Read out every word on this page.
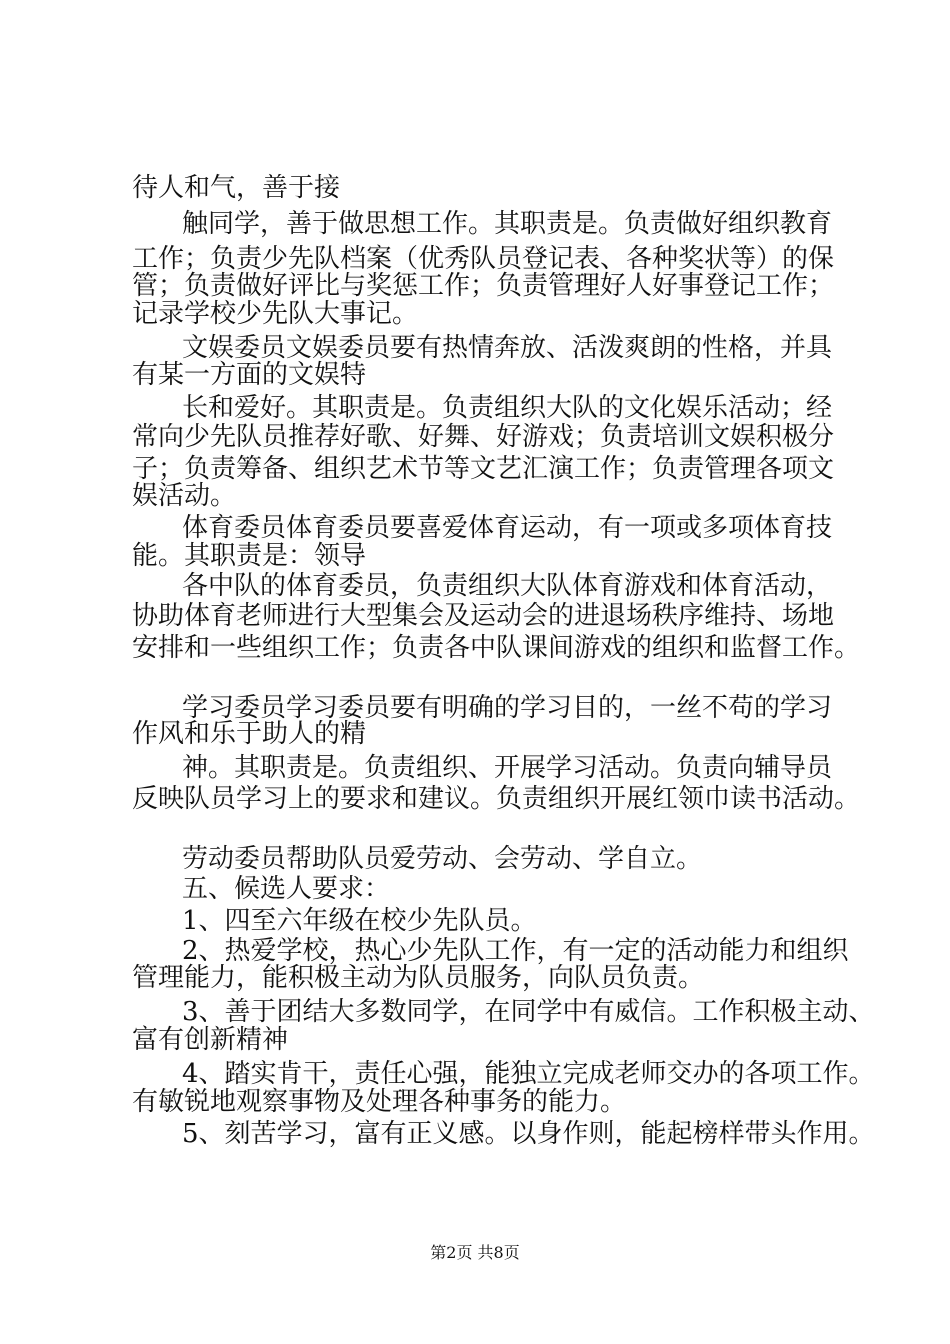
待人和气，善于接
触同学，善于做思想工作。其职责是。负责做好组织教育
工作；负责少先队档案（优秀队员登记表、各种奖状等）的保
管；负责做好评比与奖惩工作；负责管理好人好事登记工作；
记录学校少先队大事记。
文娱委员文娱委员要有热情奔放、活泼爽朗的性格，并具
有某一方面的文娱特
长和爱好。其职责是。负责组织大队的文化娱乐活动；经
常向少先队员推荐好歌、好舞、好游戏；负责培训文娱积极分
子；负责筹备、组织艺术节等文艺汇演工作；负责管理各项文
娱活动。
体育委员体育委员要喜爱体育运动，有一项或多项体育技
能。其职责是：领导
各中队的体育委员，负责组织大队体育游戏和体育活动，
协助体育老师进行大型集会及运动会的进退场秩序维持、场地
安排和一些组织工作；负责各中队课间游戏的组织和监督工作。
学习委员学习委员要有明确的学习目的，一丝不苟的学习
作风和乐于助人的精
神。其职责是。负责组织、开展学习活动。负责向辅导员
反映队员学习上的要求和建议。负责组织开展红领巾读书活动。
劳动委员帮助队员爱劳动、会劳动、学自立。
五、候选人要求：
1、四至六年级在校少先队员。
2、热爱学校，热心少先队工作，有一定的活动能力和组织
管理能力，能积极主动为队员服务，向队员负责。
3、善于团结大多数同学，在同学中有威信。工作积极主动、
富有创新精神
4、踏实肯干，责任心强，能独立完成老师交办的各项工作。
有敏锐地观察事物及处理各种事务的能力。
5、刻苦学习，富有正义感。以身作则，能起榜样带头作用。
第2页 共8页
